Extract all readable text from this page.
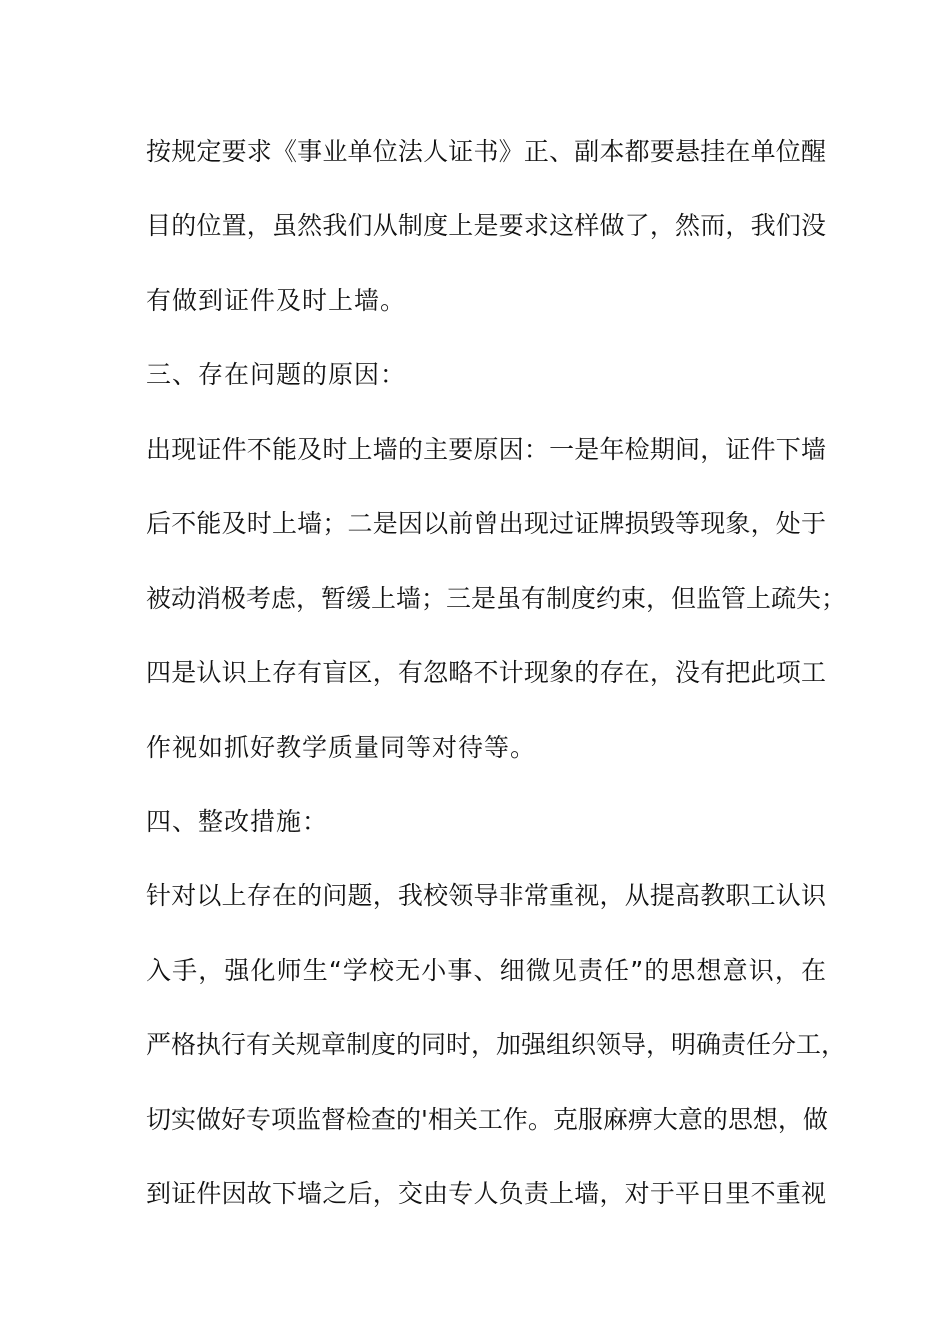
按规定要求《事业单位法人证书》正、副本都要悬挂在单位醒
目的位置，虽然我们从制度上是要求这样做了，然而，我们没
有做到证件及时上墙。
三、存在问题的原因：
出现证件不能及时上墙的主要原因：一是年检期间，证件下墙
后不能及时上墙；二是因以前曾出现过证牌损毁等现象，处于
被动消极考虑，暂缓上墙；三是虽有制度约束，但监管上疏失；
四是认识上存有盲区，有忽略不计现象的存在，没有把此项工
作视如抓好教学质量同等对待等。
四、整改措施：
针对以上存在的问题，我校领导非常重视，从提高教职工认识
入手，强化师生“学校无小事、细微见责任”的思想意识，在
严格执行有关规章制度的同时，加强组织领导，明确责任分工，
切实做好专项监督检查的'相关工作。克服麻痹大意的思想，做
到证件因故下墙之后，交由专人负责上墙，对于平日里不重视
